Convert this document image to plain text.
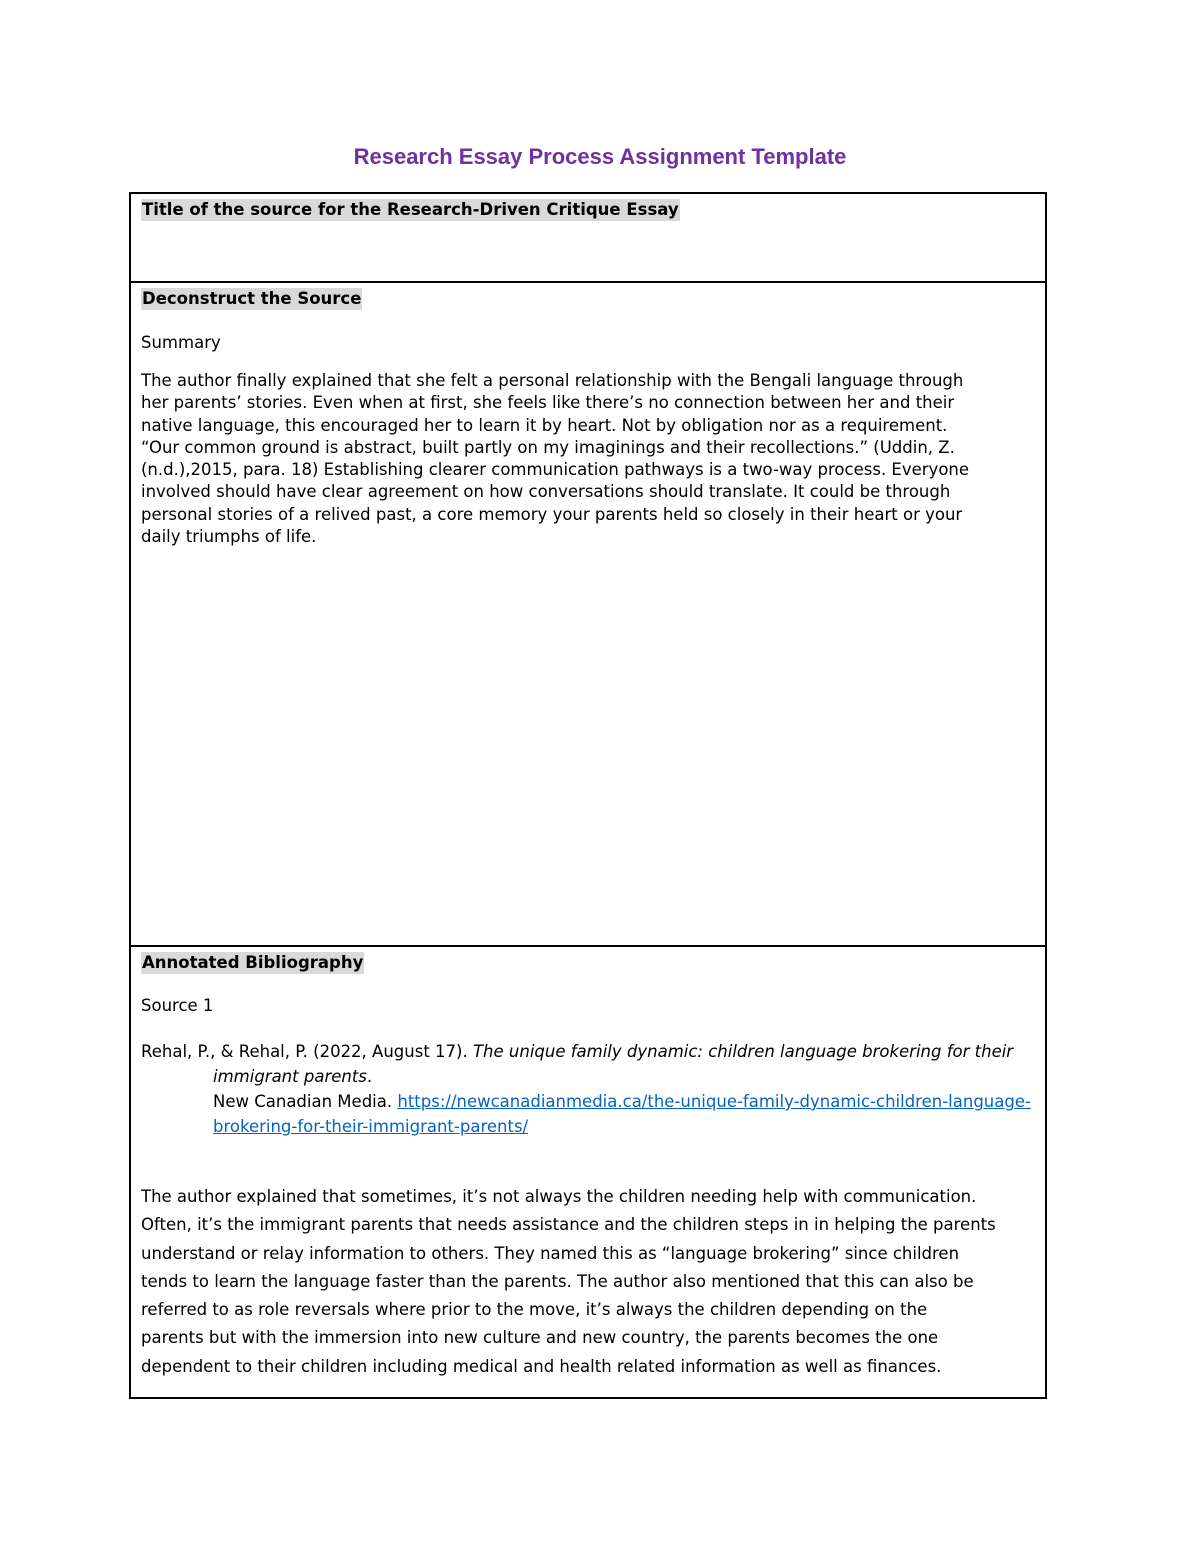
Research Essay Process Assignment Template
Title of the source for the Research-Driven Critique Essay
Deconstruct the Source
Summary
The author finally explained that she felt a personal relationship with the Bengali language through
her parents’ stories. Even when at first, she feels like there’s no connection between her and their
native language, this encouraged her to learn it by heart. Not by obligation nor as a requirement.
“Our common ground is abstract, built partly on my imaginings and their recollections.” (Uddin, Z.
(n.d.),2015, para. 18) Establishing clearer communication pathways is a two-way process. Everyone
involved should have clear agreement on how conversations should translate. It could be through
personal stories of a relived past, a core memory your parents held so closely in their heart or your
daily triumphs of life.
Annotated Bibliography
Source 1
Rehal, P., & Rehal, P. (2022, August 17). The unique family dynamic: children language brokering for their immigrant parents.
New Canadian Media. https://newcanadianmedia.ca/the-unique-family-dynamic-children-language-brokering-for-their-immigrant-parents/
The author explained that sometimes, it’s not always the children needing help with communication.
Often, it’s the immigrant parents that needs assistance and the children steps in in helping the parents
understand or relay information to others. They named this as “language brokering” since children
tends to learn the language faster than the parents. The author also mentioned that this can also be
referred to as role reversals where prior to the move, it’s always the children depending on the
parents but with the immersion into new culture and new country, the parents becomes the one
dependent to their children including medical and health related information as well as finances.
